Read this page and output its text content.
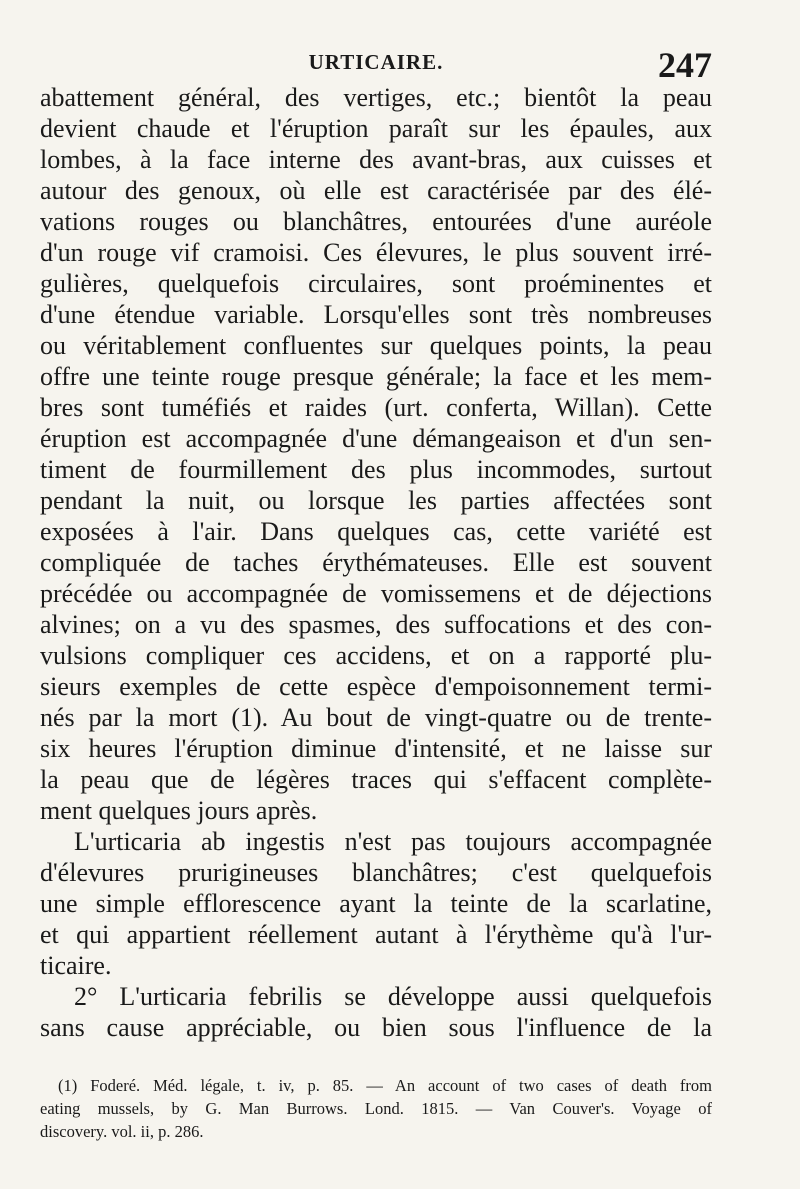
URTICAIRE.	247
abattement général, des vertiges, etc.; bientôt la peau
devient chaude et l'éruption paraît sur les épaules, aux
lombes, à la face interne des avant-bras, aux cuisses et
autour des genoux, où elle est caractérisée par des élé-
vations rouges ou blanchâtres, entourées d'une auréole
d'un rouge vif cramoisi. Ces élevures, le plus souvent irré-
gulières, quelquefois circulaires, sont proéminentes et
d'une étendue variable. Lorsqu'elles sont très nombreuses
ou véritablement confluentes sur quelques points, la peau
offre une teinte rouge presque générale; la face et les mem-
bres sont tuméfiés et raides (urt. conferta, Willan). Cette
éruption est accompagnée d'une démangeaison et d'un sen-
timent de fourmillement des plus incommodes, surtout
pendant la nuit, ou lorsque les parties affectées sont
exposées à l'air. Dans quelques cas, cette variété est
compliquée de taches érythémateuses. Elle est souvent
précédée ou accompagnée de vomissemens et de déjections
alvines; on a vu des spasmes, des suffocations et des con-
vulsions compliquer ces accidens, et on a rapporté plu-
sieurs exemples de cette espèce d'empoisonnement termi-
nés par la mort (1). Au bout de vingt-quatre ou de trente-
six heures l'éruption diminue d'intensité, et ne laisse sur
la peau que de légères traces qui s'effacent complète-
ment quelques jours après.
L'urticaria ab ingestis n'est pas toujours accompagnée
d'élevures prurigineuses blanchâtres; c'est quelquefois
une simple efflorescence ayant la teinte de la scarlatine,
et qui appartient réellement autant à l'érythème qu'à l'ur-
ticaire.
2° L'urticaria febrilis se développe aussi quelquefois
sans cause appréciable, ou bien sous l'influence de la
(1) Foderé. Méd. légale, t. iv, p. 85. — An account of two cases of death from
eating mussels, by G. Man Burrows. Lond. 1815. — Van Couver's. Voyage of
discovery. vol. ii, p. 286.
